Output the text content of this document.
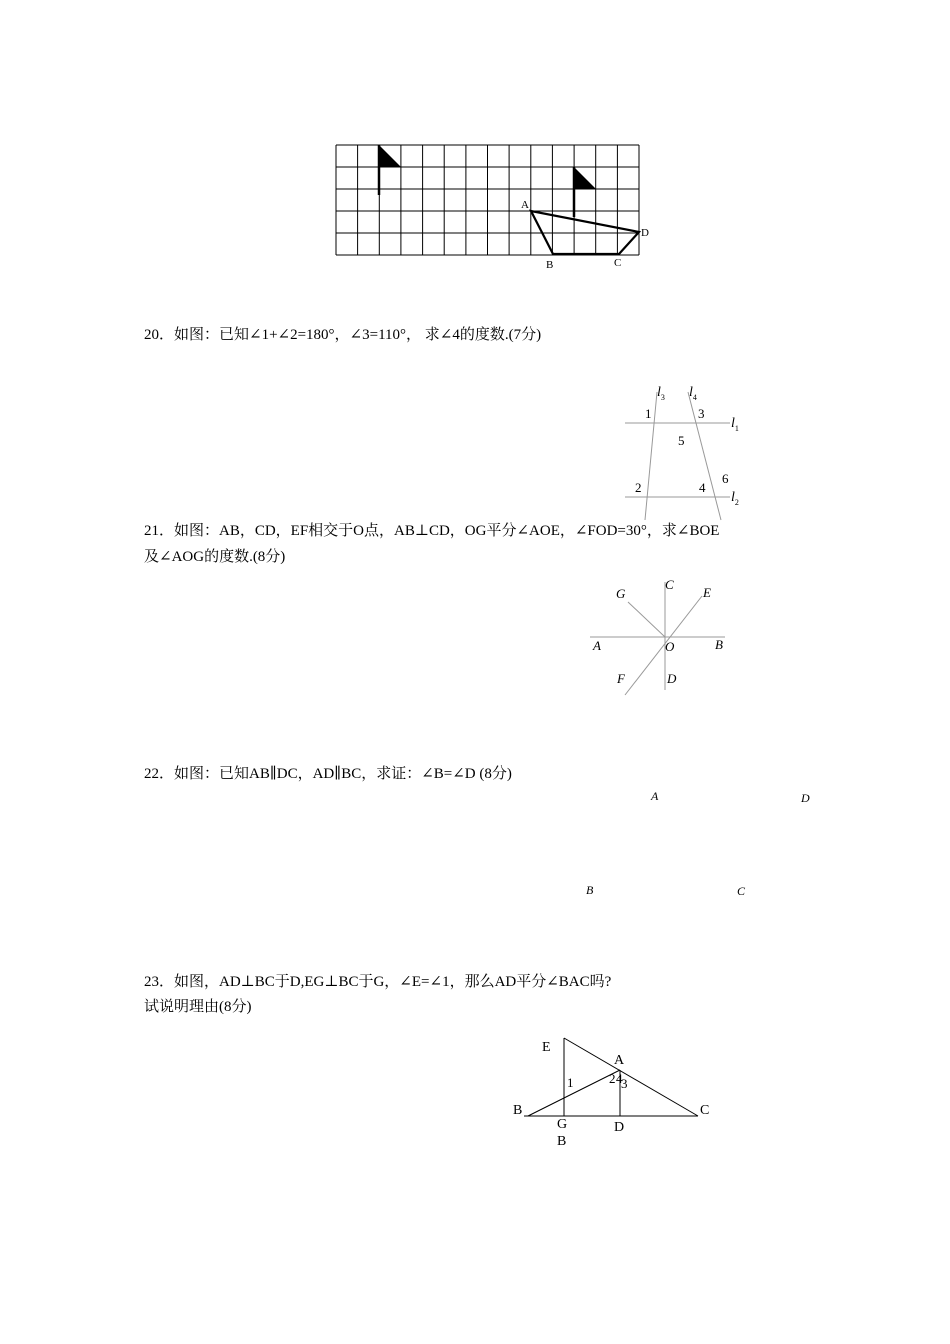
A
B	C
D
20．如图：已知∠1+∠2=180°，∠3=110°， 求∠4的度数.(7分)
$l_3$ $l_4$
$l_1$
$l_2$
1	3
5
6
2	4
21．如图：AB，CD，EF相交于O点，AB⊥CD，OG平分∠AOE，∠FOD=30°，求∠BOE
及∠AOG的度数.(8分)
G
C
E
A	O	B
F	D
22．如图：已知AB∥DC，AD∥BC，求证：∠B=∠D (8分)
A	D
B	C
23．如图，AD⊥BC于D,EG⊥BC于G，∠E=∠1，那么AD平分∠BAC吗?
试说明理由(8分)
E
A
1	2 4
3
B	C
G	D
B
